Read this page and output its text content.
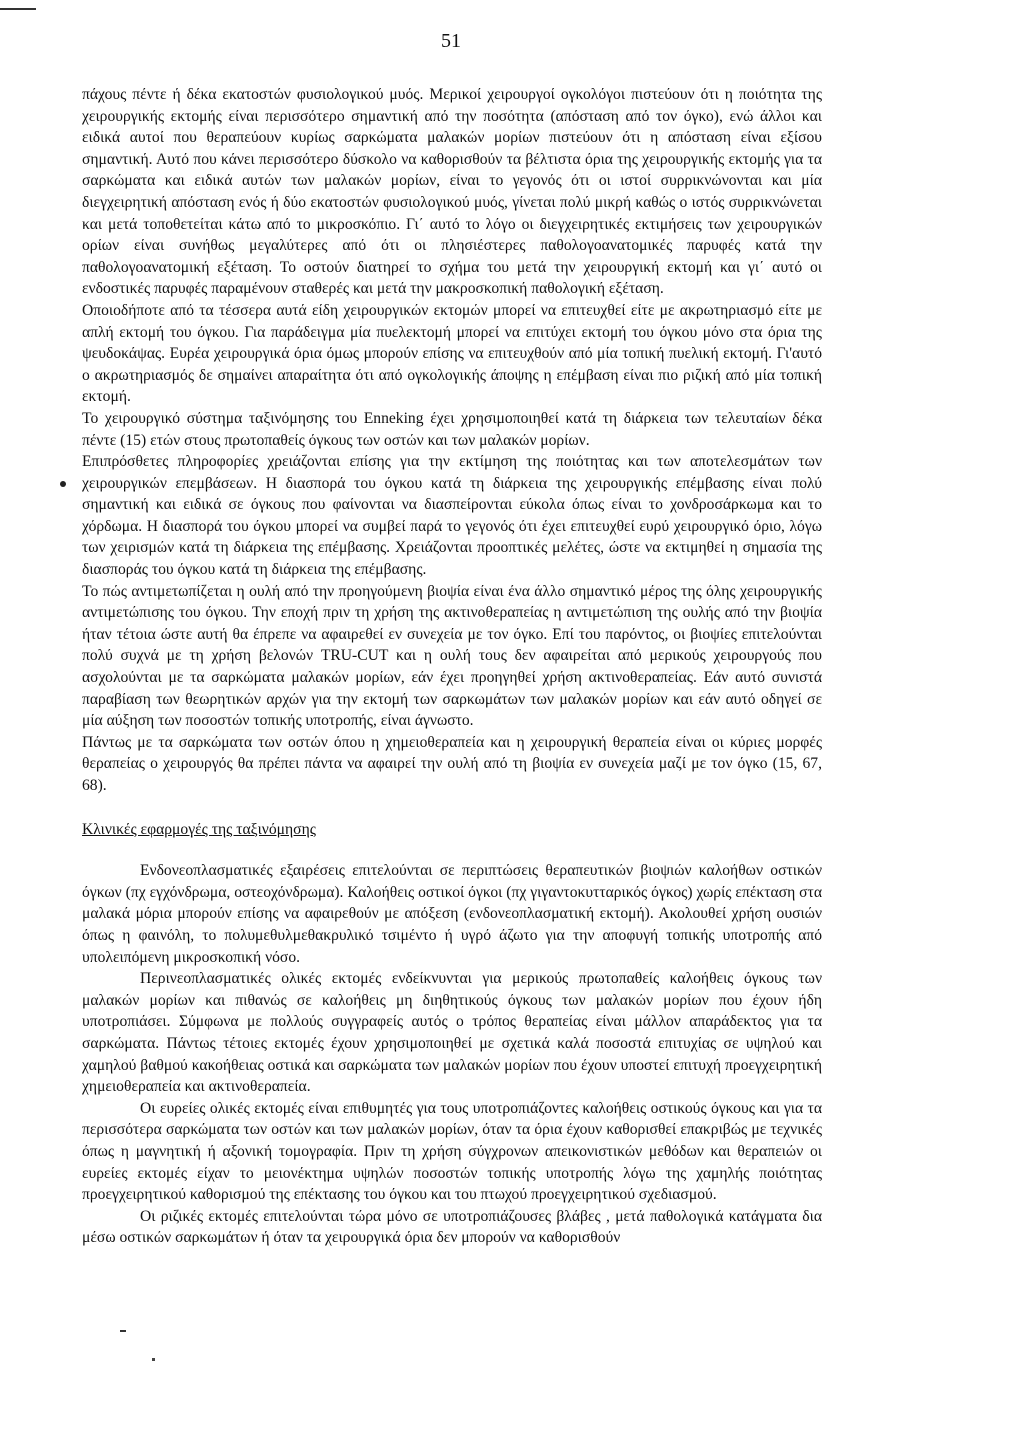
51

πάχους πέντε ή δέκα εκατοστών φυσιολογικού μυός. Μερικοί χειρουργοί ογκολόγοι πιστεύουν ότι η ποιότητα της χειρουργικής εκτομής είναι περισσότερο σημαντική από την ποσότητα (απόσταση από τον όγκο), ενώ άλλοι και ειδικά αυτοί που θεραπεύουν κυρίως σαρκώματα μαλακών μορίων πιστεύουν ότι η απόσταση είναι εξίσου σημαντική. Αυτό που κάνει περισσότερο δύσκολο να καθορισθούν τα βέλτιστα όρια της χειρουργικής εκτομής για τα σαρκώματα και ειδικά αυτών των μαλακών μορίων, είναι το γεγονός ότι οι ιστοί συρρικνώνονται και μία διεγχειρητική απόσταση ενός ή δύο εκατοστών φυσιολογικού μυός, γίνεται πολύ μικρή καθώς ο ιστός συρρικνώνεται και μετά τοποθετείται κάτω από το μικροσκόπιο. Γι΄ αυτό το λόγο οι διεγχειρητικές εκτιμήσεις των χειρουργικών ορίων είναι συνήθως μεγαλύτερες από ότι οι πλησιέστερες παθολογοανατομικές παρυφές κατά την παθολογοανατομική εξέταση. Το οστούν διατηρεί το σχήμα του μετά την χειρουργική εκτομή και γι΄ αυτό οι ενδοστικές παρυφές παραμένουν σταθερές και μετά την μακροσκοπική παθολογική εξέταση.

Οποιοδήποτε από τα τέσσερα αυτά είδη χειρουργικών εκτομών μπορεί να επιτευχθεί είτε με ακρωτηριασμό είτε με απλή εκτομή του όγκου. Για παράδειγμα μία πυελεκτομή μπορεί να επιτύχει εκτομή του όγκου μόνο στα όρια της ψευδοκάψας. Ευρέα χειρουργικά όρια όμως μπορούν επίσης να επιτευχθούν από μία τοπική πυελική εκτομή. Γι'αυτό ο ακρωτηριασμός δε σημαίνει απαραίτητα ότι από ογκολογικής άποψης η επέμβαση είναι πιο ριζική από μία τοπική εκτομή.

Το χειρουργικό σύστημα ταξινόμησης του Enneking έχει χρησιμοποιηθεί κατά τη διάρκεια των τελευταίων δέκα πέντε (15) ετών στους πρωτοπαθείς όγκους των οστών και των μαλακών μορίων.

Επιπρόσθετες πληροφορίες χρειάζονται επίσης για την εκτίμηση της ποιότητας και των αποτελεσμάτων των χειρουργικών επεμβάσεων. Η διασπορά του όγκου κατά τη διάρκεια της χειρουργικής επέμβασης είναι πολύ σημαντική και ειδικά σε όγκους που φαίνονται να διασπείρονται εύκολα όπως είναι το χονδροσάρκωμα και το χόρδωμα. Η διασπορά του όγκου μπορεί να συμβεί παρά το γεγονός ότι έχει επιτευχθεί ευρύ χειρουργικό όριο, λόγω των χειρισμών κατά τη διάρκεια της επέμβασης. Χρειάζονται προοπτικές μελέτες, ώστε να εκτιμηθεί η σημασία της διασποράς του όγκου κατά τη διάρκεια της επέμβασης.

Το πώς αντιμετωπίζεται η ουλή από την προηγούμενη βιοψία είναι ένα άλλο σημαντικό μέρος της όλης χειρουργικής αντιμετώπισης του όγκου. Την εποχή πριν τη χρήση της ακτινοθεραπείας η αντιμετώπιση της ουλής από την βιοψία ήταν τέτοια ώστε αυτή θα έπρεπε να αφαιρεθεί εν συνεχεία με τον όγκο. Επί του παρόντος, οι βιοψίες επιτελούνται πολύ συχνά με τη χρήση βελονών TRU-CUT και η ουλή τους δεν αφαιρείται από μερικούς χειρουργούς που ασχολούνται με τα σαρκώματα μαλακών μορίων, εάν έχει προηγηθεί χρήση ακτινοθεραπείας. Εάν αυτό συνιστά παραβίαση των θεωρητικών αρχών για την εκτομή των σαρκωμάτων των μαλακών μορίων και εάν αυτό οδηγεί σε μία αύξηση των ποσοστών τοπικής υποτροπής, είναι άγνωστο.

Πάντως με τα σαρκώματα των οστών όπου η χημειοθεραπεία και η χειρουργική θεραπεία είναι οι κύριες μορφές θεραπείας ο χειρουργός θα πρέπει πάντα να αφαιρεί την ουλή από τη βιοψία εν συνεχεία μαζί με τον όγκο (15, 67, 68).

Κλινικές εφαρμογές της ταξινόμησης

Ενδονεοπλασματικές εξαιρέσεις επιτελούνται σε περιπτώσεις θεραπευτικών βιοψιών καλοήθων οστικών όγκων (πχ εγχόνδρωμα, οστεοχόνδρωμα). Καλοήθεις οστικοί όγκοι (πχ γιγαντοκυτταρικός όγκος) χωρίς επέκταση στα μαλακά μόρια μπορούν επίσης να αφαιρεθούν με απόξεση (ενδονεοπλασματική εκτομή). Ακολουθεί χρήση ουσιών όπως η φαινόλη, το πολυμεθυλμεθακρυλικό τσιμέντο ή υγρό άζωτο για την αποφυγή τοπικής υποτροπής από υπολειπόμενη μικροσκοπική νόσο.

Περινεοπλασματικές ολικές εκτομές ενδείκνυνται για μερικούς πρωτοπαθείς καλοήθεις όγκους των μαλακών μορίων και πιθανώς σε καλοήθεις μη διηθητικούς όγκους των μαλακών μορίων που έχουν ήδη υποτροπιάσει. Σύμφωνα με πολλούς συγγραφείς αυτός ο τρόπος θεραπείας είναι μάλλον απαράδεκτος για τα σαρκώματα. Πάντως τέτοιες εκτομές έχουν χρησιμοποιηθεί με σχετικά καλά ποσοστά επιτυχίας σε υψηλού και χαμηλού βαθμού κακοήθειας οστικά και σαρκώματα των μαλακών μορίων που έχουν υποστεί επιτυχή προεγχειρητική χημειοθεραπεία και ακτινοθεραπεία.

Οι ευρείες ολικές εκτομές είναι επιθυμητές για τους υποτροπιάζοντες καλοήθεις οστικούς όγκους και για τα περισσότερα σαρκώματα των οστών και των μαλακών μορίων, όταν τα όρια έχουν καθορισθεί επακριβώς με τεχνικές όπως η μαγνητική ή αξονική τομογραφία. Πριν τη χρήση σύγχρονων απεικονιστικών μεθόδων και θεραπειών οι ευρείες εκτομές είχαν το μειονέκτημα υψηλών ποσοστών τοπικής υποτροπής λόγω της χαμηλής ποιότητας προεγχειρητικού καθορισμού της επέκτασης του όγκου και του πτωχού προεγχειρητικού σχεδιασμού.

Οι ριζικές εκτομές επιτελούνται τώρα μόνο σε υποτροπιάζουσες βλάβες , μετά παθολογικά κατάγματα δια μέσω οστικών σαρκωμάτων ή όταν τα χειρουργικά όρια δεν μπορούν να καθορισθούν
